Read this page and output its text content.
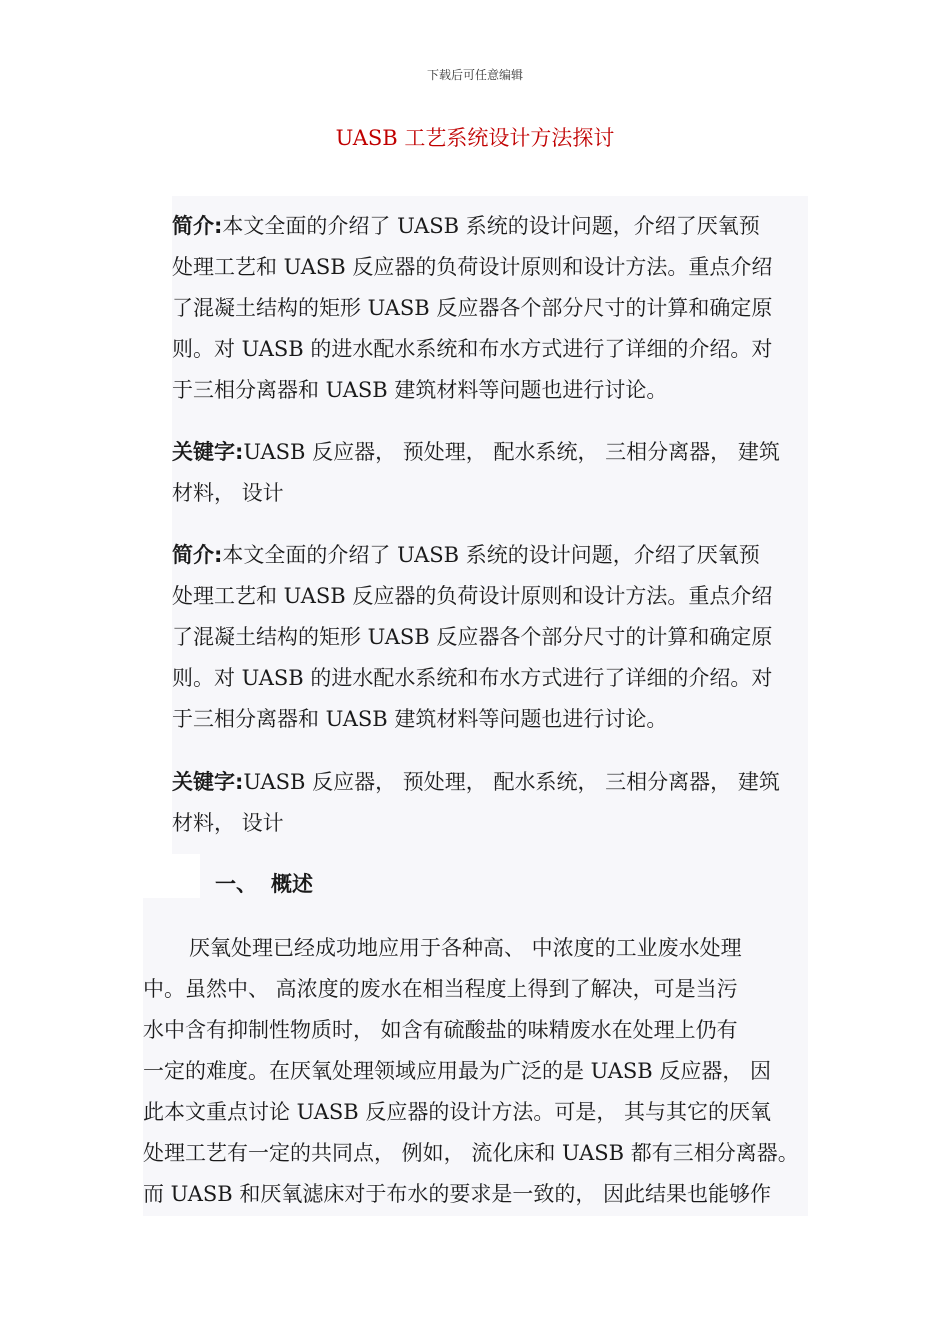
下载后可任意编辑
UASB 工艺系统设计方法探讨
简介:本文全面的介绍了 UASB 系统的设计问题，介绍了厌氧预
处理工艺和 UASB 反应器的负荷设计原则和设计方法。重点介绍
了混凝土结构的矩形 UASB 反应器各个部分尺寸的计算和确定原
则。对 UASB 的进水配水系统和布水方式进行了详细的介绍。对
于三相分离器和 UASB 建筑材料等问题也进行讨论。
关键字:UASB 反应器， 预处理， 配水系统， 三相分离器， 建筑
材料， 设计
简介:本文全面的介绍了 UASB 系统的设计问题，介绍了厌氧预
处理工艺和 UASB 反应器的负荷设计原则和设计方法。重点介绍
了混凝土结构的矩形 UASB 反应器各个部分尺寸的计算和确定原
则。对 UASB 的进水配水系统和布水方式进行了详细的介绍。对
于三相分离器和 UASB 建筑材料等问题也进行讨论。
关键字:UASB 反应器， 预处理， 配水系统， 三相分离器， 建筑
材料， 设计
一、 概述
厌氧处理已经成功地应用于各种高、 中浓度的工业废水处理
中。虽然中、 高浓度的废水在相当程度上得到了解决，可是当污
水中含有抑制性物质时， 如含有硫酸盐的味精废水在处理上仍有
一定的难度。在厌氧处理领域应用最为广泛的是 UASB 反应器， 因
此本文重点讨论 UASB 反应器的设计方法。可是， 其与其它的厌氧
处理工艺有一定的共同点， 例如， 流化床和 UASB 都有三相分离器。
而 UASB 和厌氧滤床对于布水的要求是一致的， 因此结果也能够作
